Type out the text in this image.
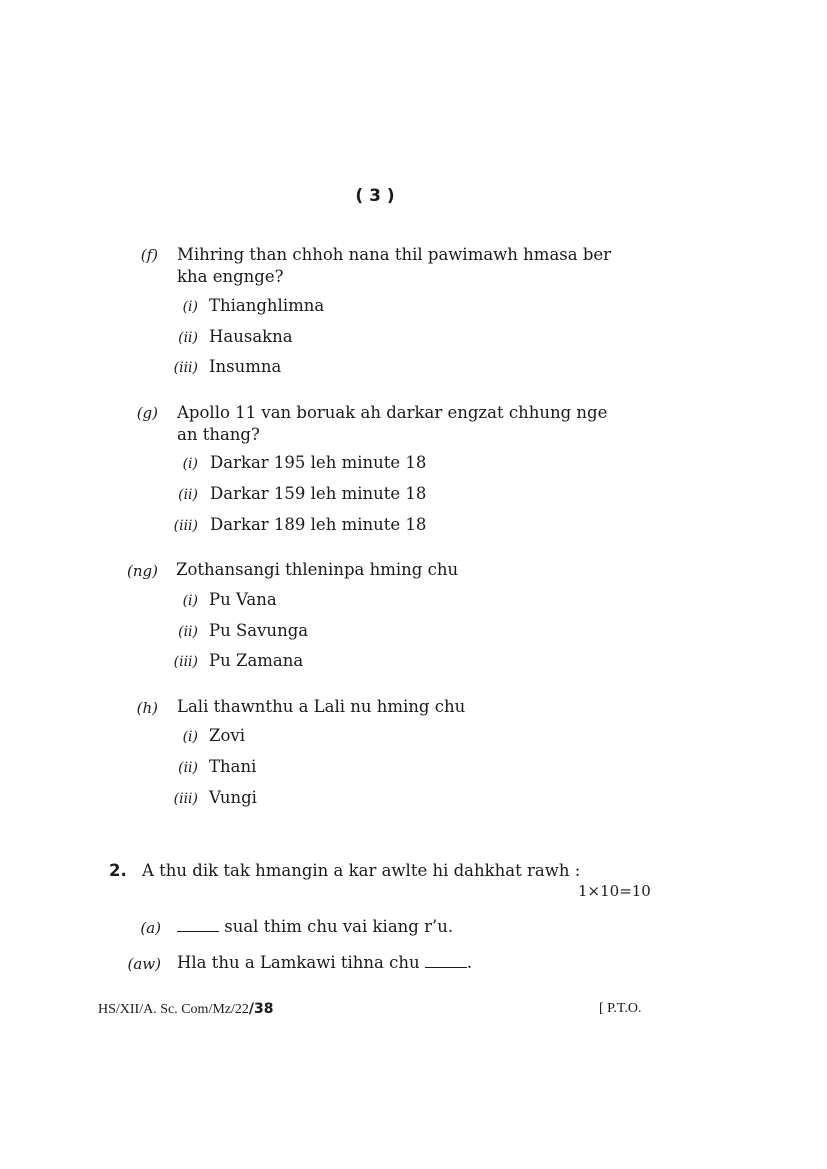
( 3 )
(f) Mihring than chhoh nana thil pawimawh hmasa ber
kha engnge?
(i) Thianghlimna
(ii) Hausakna
(iii) Insumna
(g) Apollo 11 van boruak ah darkar engzat chhung nge
an thang?
(i) Darkar 195 leh minute 18
(ii) Darkar 159 leh minute 18
(iii) Darkar 189 leh minute 18
(ng) Zothansangi thleninpa hming chu
(i) Pu Vana
(ii) Pu Savunga
(iii) Pu Zamana
(h) Lali thawnthu a Lali nu hming chu
(i) Zovi
(ii) Thani
(iii) Vungi
2. A thu dik tak hmangin a kar awlte hi dahkhat rawh :
1×10=10
(a)	sual thim chu vai kiang r’u.
(aw) Hla thu a Lamkawi tihna chu	.
HS/XII/A. Sc. Com/Mz/22/38	[ P.T.O.
